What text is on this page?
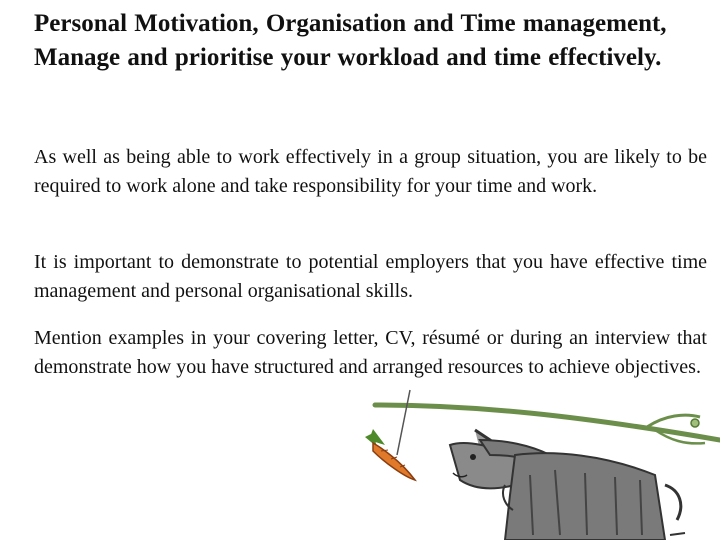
Personal Motivation, Organisation and Time management, Manage and prioritise your workload and time effectively.

As well as being able to work effectively in a group situation, you are likely to be required to work alone and take responsibility for your time and work.

It is important to demonstrate to potential employers that you have effective time management and personal organisational skills.

Mention examples in your covering letter, CV, résumé or during an interview that demonstrate how you have structured and arranged resources to achieve objectives.
